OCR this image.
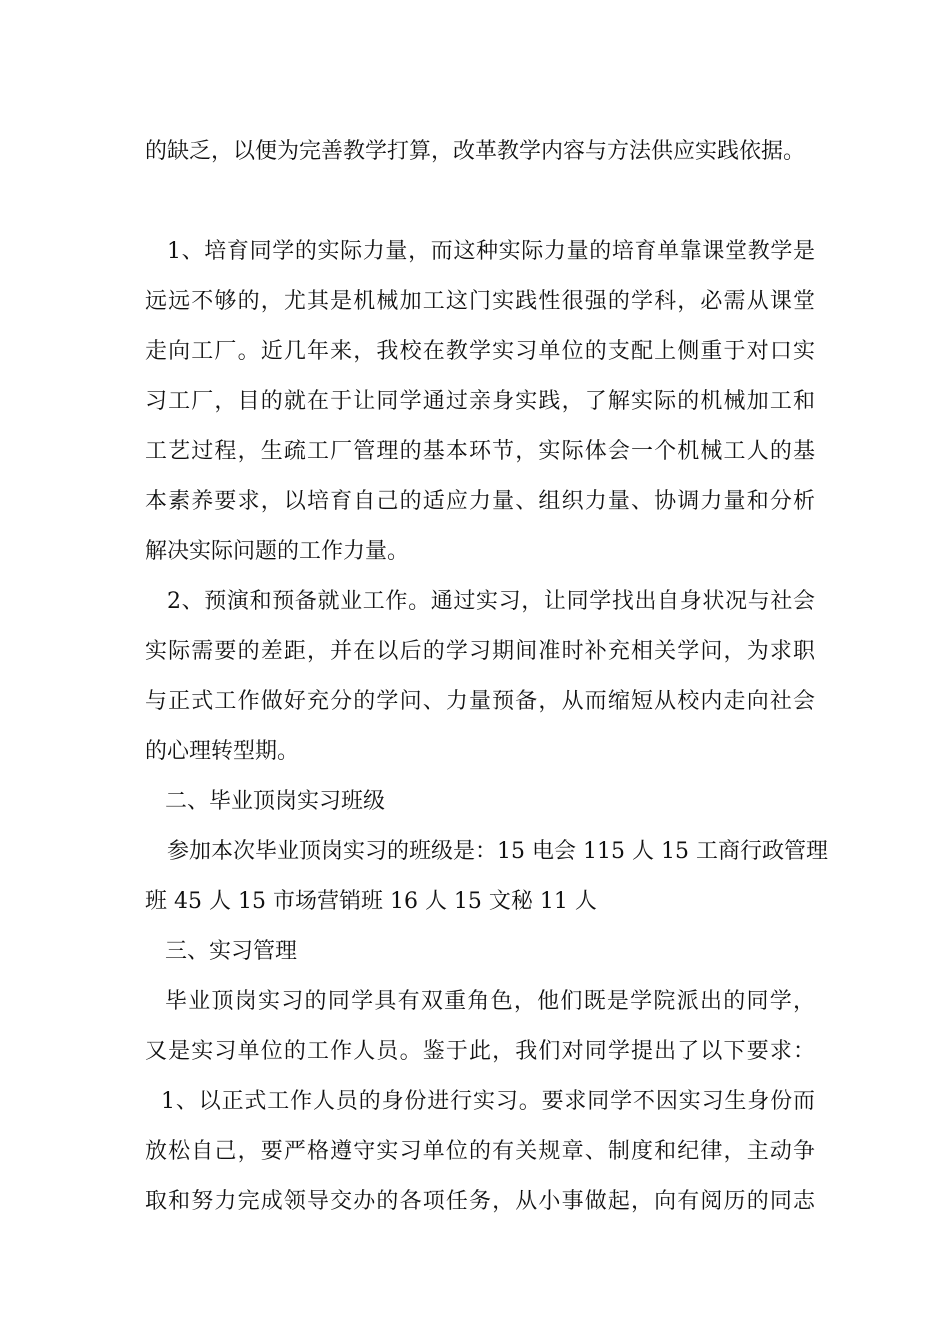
的缺乏，以便为完善教学打算，改革教学内容与方法供应实践依据。
1、培育同学的实际力量，而这种实际力量的培育单靠课堂教学是
远远不够的，尤其是机械加工这门实践性很强的学科，必需从课堂
走向工厂。近几年来，我校在教学实习单位的支配上侧重于对口实
习工厂，目的就在于让同学通过亲身实践，了解实际的机械加工和
工艺过程，生疏工厂管理的基本环节，实际体会一个机械工人的基
本素养要求，以培育自己的适应力量、组织力量、协调力量和分析
解决实际问题的工作力量。
2、预演和预备就业工作。通过实习，让同学找出自身状况与社会
实际需要的差距，并在以后的学习期间准时补充相关学问，为求职
与正式工作做好充分的学问、力量预备，从而缩短从校内走向社会
的心理转型期。
二、毕业顶岗实习班级
参加本次毕业顶岗实习的班级是：15 电会 115 人 15 工商行政管理
班 45 人 15 市场营销班 16 人 15 文秘 11 人
三、实习管理
毕业顶岗实习的同学具有双重角色，他们既是学院派出的同学，
又是实习单位的工作人员。鉴于此，我们对同学提出了以下要求：
1、以正式工作人员的身份进行实习。要求同学不因实习生身份而
放松自己，要严格遵守实习单位的有关规章、制度和纪律，主动争
取和努力完成领导交办的各项任务，从小事做起，向有阅历的同志
